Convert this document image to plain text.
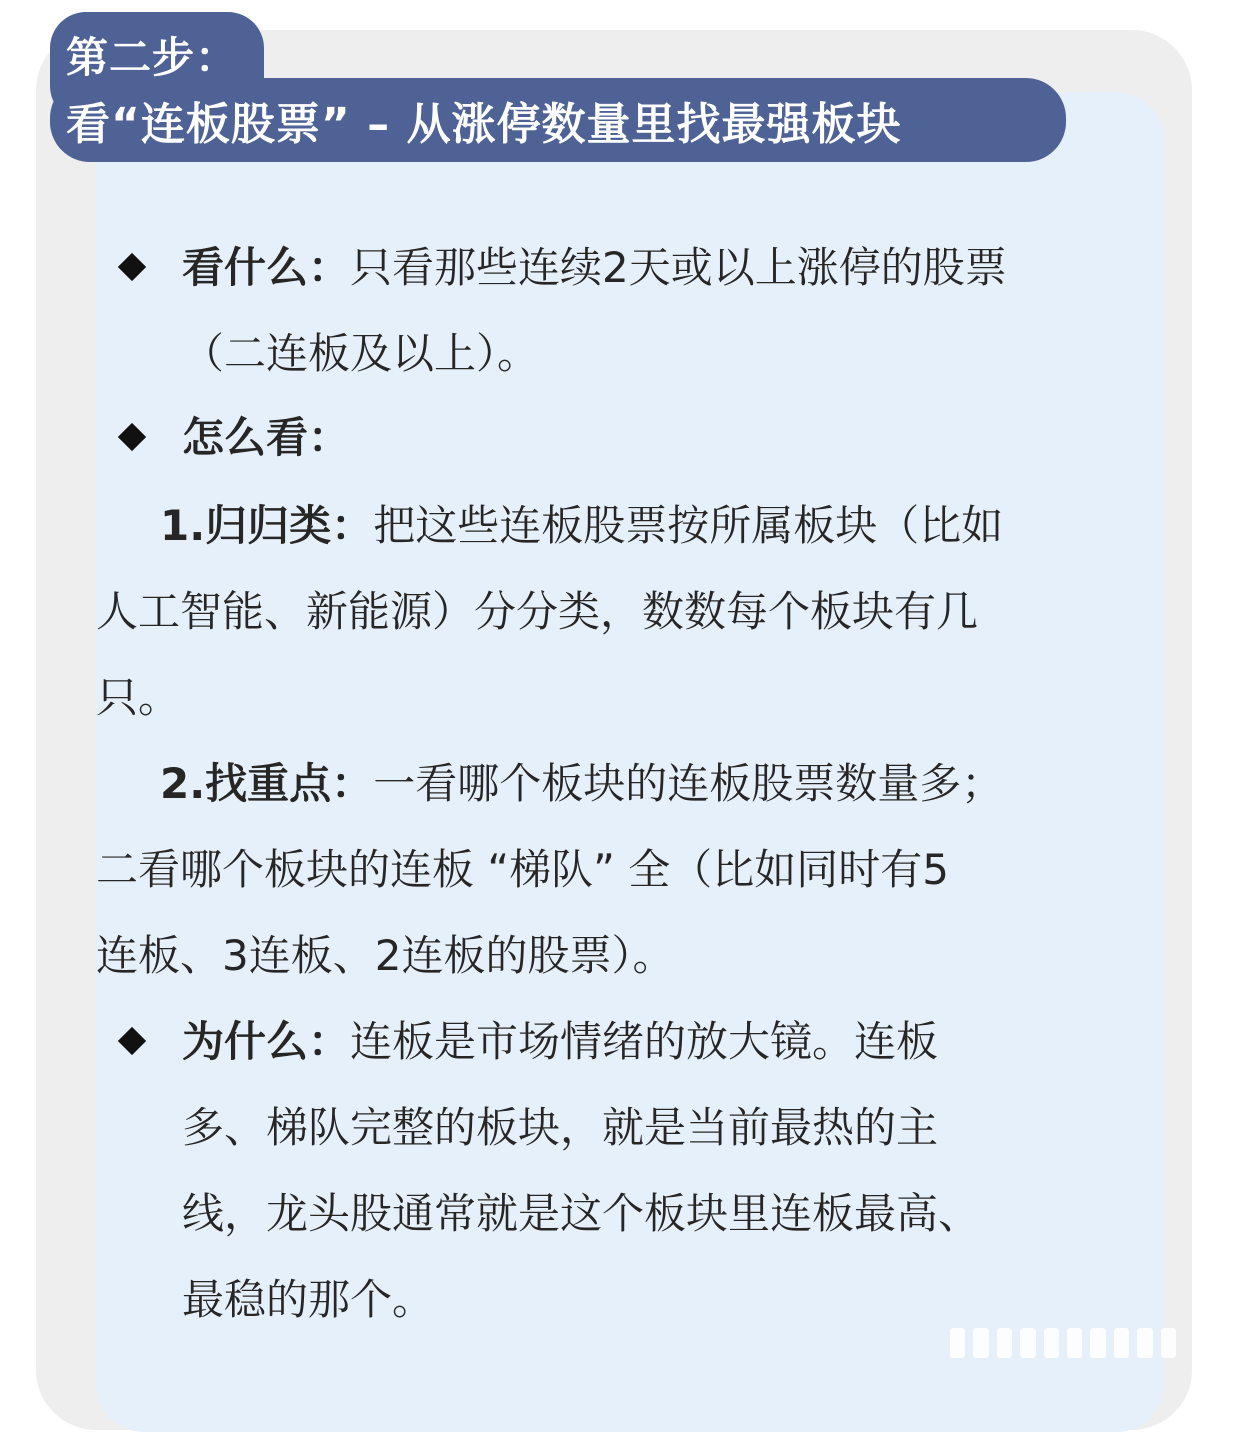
第二步：
看“连板股票” – 从涨停数量里找最强板块
看什么：只看那些连续2天或以上涨停的股票
（二连板及以上）。
怎么看：
1.归归类：把这些连板股票按所属板块（比如
人工智能、新能源）分分类，数数每个板块有几
只。
2.找重点：一看哪个板块的连板股票数量多；
二看哪个板块的连板 “梯队” 全（比如同时有5
连板、3连板、2连板的股票）。
为什么：连板是市场情绪的放大镜。连板
多、梯队完整的板块，就是当前最热的主
线，龙头股通常就是这个板块里连板最高、
最稳的那个。
